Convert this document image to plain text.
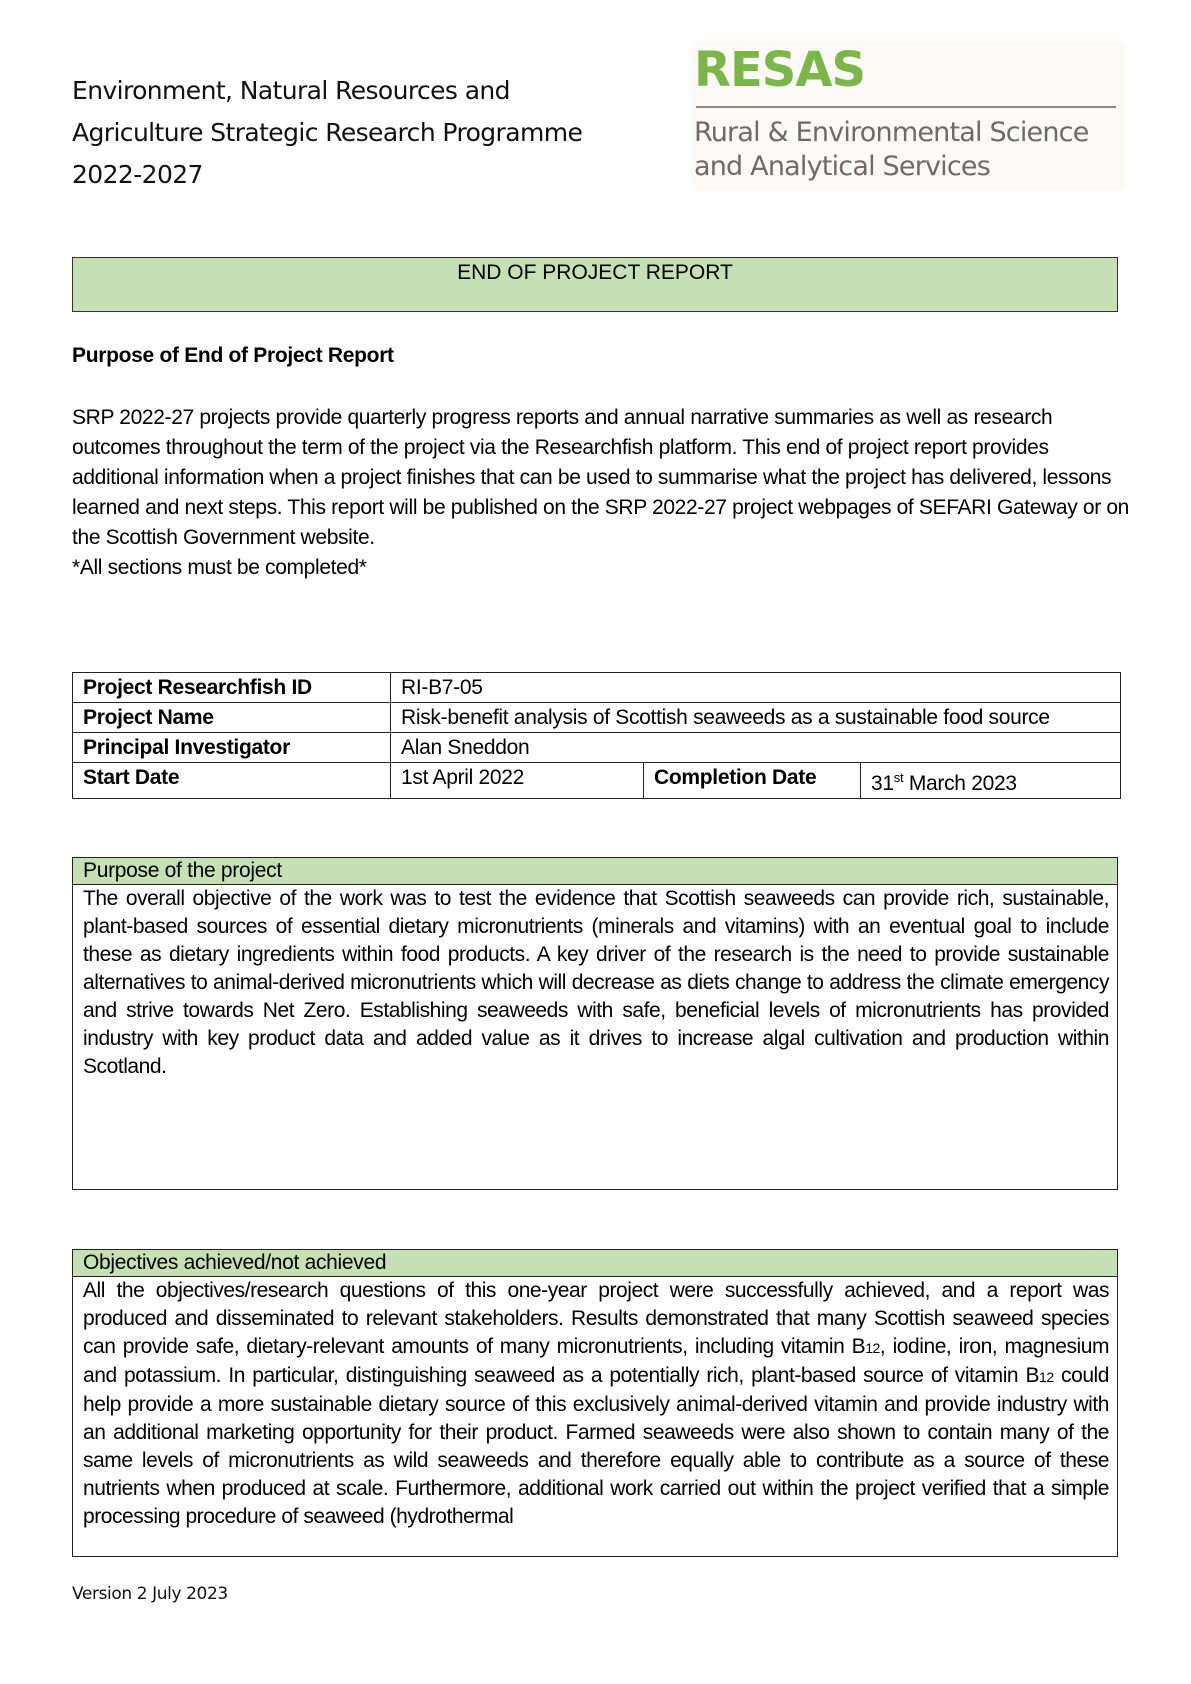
Environment, Natural Resources and
Agriculture Strategic Research Programme
2022-2027
RESAS
Rural & Environmental Science
and Analytical Services
END OF PROJECT REPORT
Purpose of End of Project Report

SRP 2022-27 projects provide quarterly progress reports and annual narrative summaries as well as research outcomes throughout the term of the project via the Researchfish platform. This end of project report provides additional information when a project finishes that can be used to summarise what the project has delivered, lessons learned and next steps. This report will be published on the SRP 2022-27 project webpages of SEFARI Gateway or on the Scottish Government website.

*All sections must be completed*

Project Researchfish ID	RI-B7-05		
Project Name	Risk-benefit analysis of Scottish seaweeds as a sustainable food source		
Principal Investigator	Alan Sneddon		
Start Date	1st April 2022	Completion Date	31st March 2023
Purpose of the project

The overall objective of the work was to test the evidence that Scottish seaweeds can provide rich, sustainable, plant-based sources of essential dietary micronutrients (minerals and vitamins) with an eventual goal to include these as dietary ingredients within food products. A key driver of the research is the need to provide sustainable alternatives to animal-derived micronutrients which will decrease as diets change to address the climate emergency and strive towards Net Zero. Establishing seaweeds with safe, beneficial levels of micronutrients has provided industry with key product data and added value as it drives to increase algal cultivation and production within Scotland.

Objectives achieved/not achieved

All the objectives/research questions of this one-year project were successfully achieved, and a report was produced and disseminated to relevant stakeholders. Results demonstrated that many Scottish seaweed species can provide safe, dietary-relevant amounts of many micronutrients, including vitamin B12, iodine, iron, magnesium and potassium. In particular, distinguishing seaweed as a potentially rich, plant-based source of vitamin B12 could help provide a more sustainable dietary source of this exclusively animal-derived vitamin and provide industry with an additional marketing opportunity for their product. Farmed seaweeds were also shown to contain many of the same levels of micronutrients as wild seaweeds and therefore equally able to contribute as a source of these nutrients when produced at scale. Furthermore, additional work carried out within the project verified that a simple processing procedure of seaweed (hydrothermal

Version 2 July 2023
